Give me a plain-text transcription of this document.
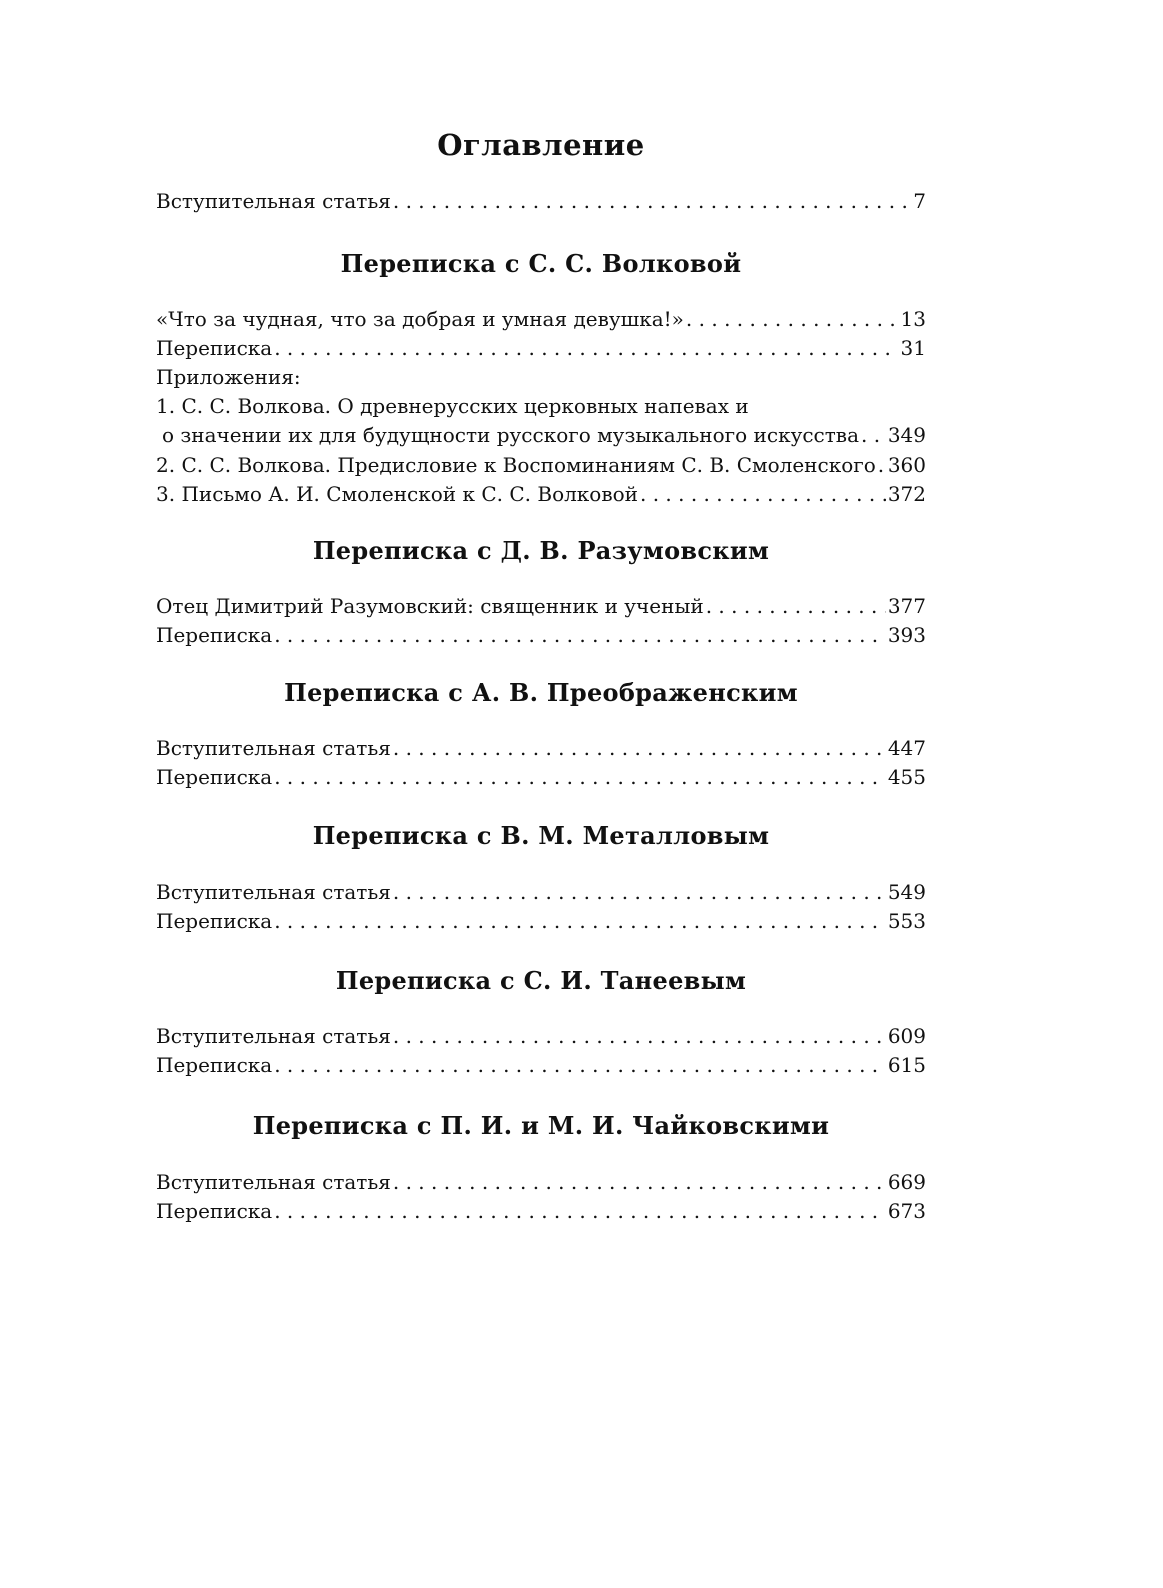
Оглавление
Вступительная статья . . .	7
Переписка с С. С. Волковой
«Что за чудная, что за добрая и умная девушка!» . . .	13
Переписка . . .	31
Приложения:
1. С. С. Волкова. О древнерусских церковных напевах и
о значении их для будущности русского музыкального искусства . . . 349
2. С. С. Волкова. Предисловие к Воспоминаниям С. В. Смоленского . . . 360
3. Письмо А. И. Смоленской к С. С. Волковой . . .	372
Переписка с Д. В. Разумовским
Отец Димитрий Разумовский: священник и ученый . . .	377
Переписка . . .	393
Переписка с А. В. Преображенским
Вступительная статья . . .	447
Переписка . . .	455
Переписка с В. М. Металловым
Вступительная статья . . .	549
Переписка . . .	553
Переписка с С. И. Танеевым
Вступительная статья . . .	609
Переписка . . .	615
Переписка с П. И. и М. И. Чайковскими
Вступительная статья . . .	669
Переписка . . .	673
